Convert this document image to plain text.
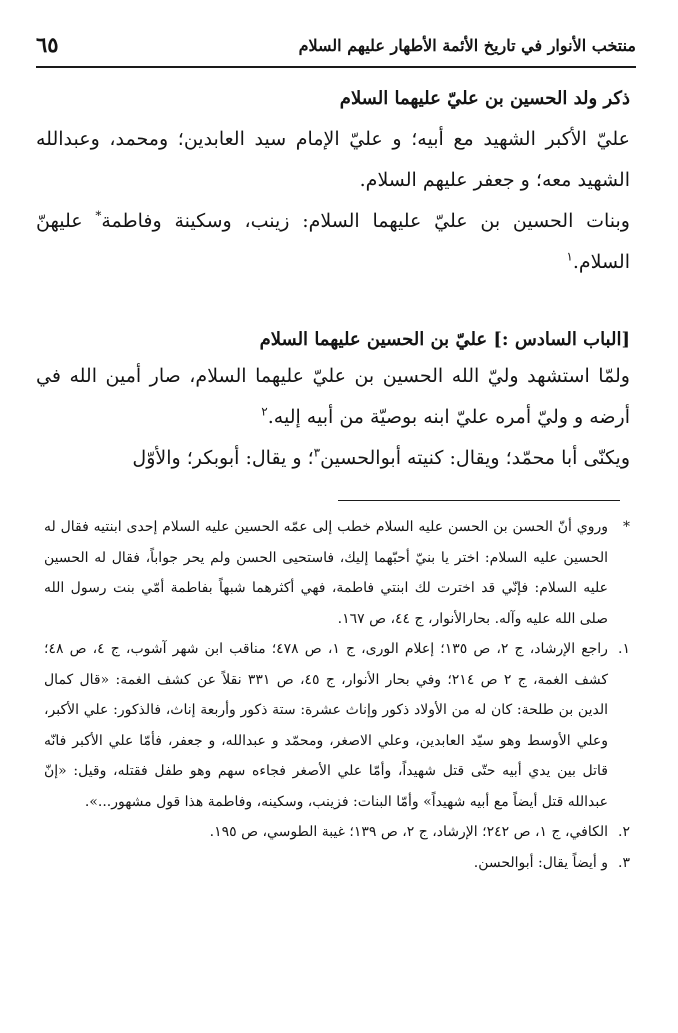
منتخب الأنوار في تاريخ الأئمة الأطهار عليهم السلام
٦٥
ذكر ولد الحسين بن عليّ عليهما السلام

عليّ الأكبر الشهيد مع أبيه؛ و عليّ الإمام سيد العابدين؛ ومحمد، وعبدالله الشهيد معه؛ و جعفر عليهم السلام.

وبنات الحسين بن عليّ عليهما السلام: زينب، وسكينة وفاطمة* عليهنّ السلام.$^١$

[الباب السادس :] عليّ بن الحسين عليهما السلام

ولمّا استشهد وليّ الله الحسين بن عليّ عليهما السلام، صار أمين الله في أرضه و وليّ أمره عليّ ابنه بوصيّة من أبيه إليه.$^٢$

ويكنّى أبا محمّد؛ ويقال: كنيته أبوالحسين$^٣$؛ و يقال: أبوبكر؛ والأوّل

*
وروي أنّ الحسن بن الحسن عليه السلام خطب إلى عمّه الحسين عليه السلام إحدى ابنتيه فقال له الحسين عليه السلام: اختر يا بنيّ أحبّهما إليك، فاستحيى الحسن ولم يحر جواباً، فقال له الحسين عليه السلام: فإنّي قد اخترت لك ابنتي فاطمة، فهي أكثرهما شبهاً بفاطمة أمّي بنت رسول الله صلى الله عليه وآله. بحارالأنوار، ج ٤٤، ص ١٦٧.

١.
راجع الإرشاد، ج ٢، ص ١٣٥؛ إعلام الورى، ج ١، ص ٤٧٨؛ مناقب ابن شهر آشوب، ج ٤، ص ٤٨؛ كشف الغمة، ج ٢ ص ٢١٤؛ وفي بحار الأنوار، ج ٤٥، ص ٣٣١ نقلاً عن كشف الغمة: «قال كمال الدين بن طلحة: كان له من الأولاد ذكور وإناث عشرة: ستة ذكور وأربعة إناث، فالذكور: علي الأكبر، وعلي الأوسط وهو سيّد العابدين، وعلي الاصغر، ومحمّد و عبدالله، و جعفر، فأمّا علي الأكبر فانّه قاتل بين يدي أبيه حتّى قتل شهيداً، وأمّا علي الأصغر فجاءه سهم وهو طفل فقتله، وقيل: «إنّ عبدالله قتل أيضاً مع أبيه شهيداً» وأمّا البنات: فزينب، وسكينه، وفاطمة هذا قول مشهور...».

٢.
الكافي، ج ١، ص ٢٤٢؛ الإرشاد، ج ٢، ص ١٣٩؛ غيبة الطوسي، ص ١٩٥.

٣.
و أيضاً يقال: أبوالحسن.
